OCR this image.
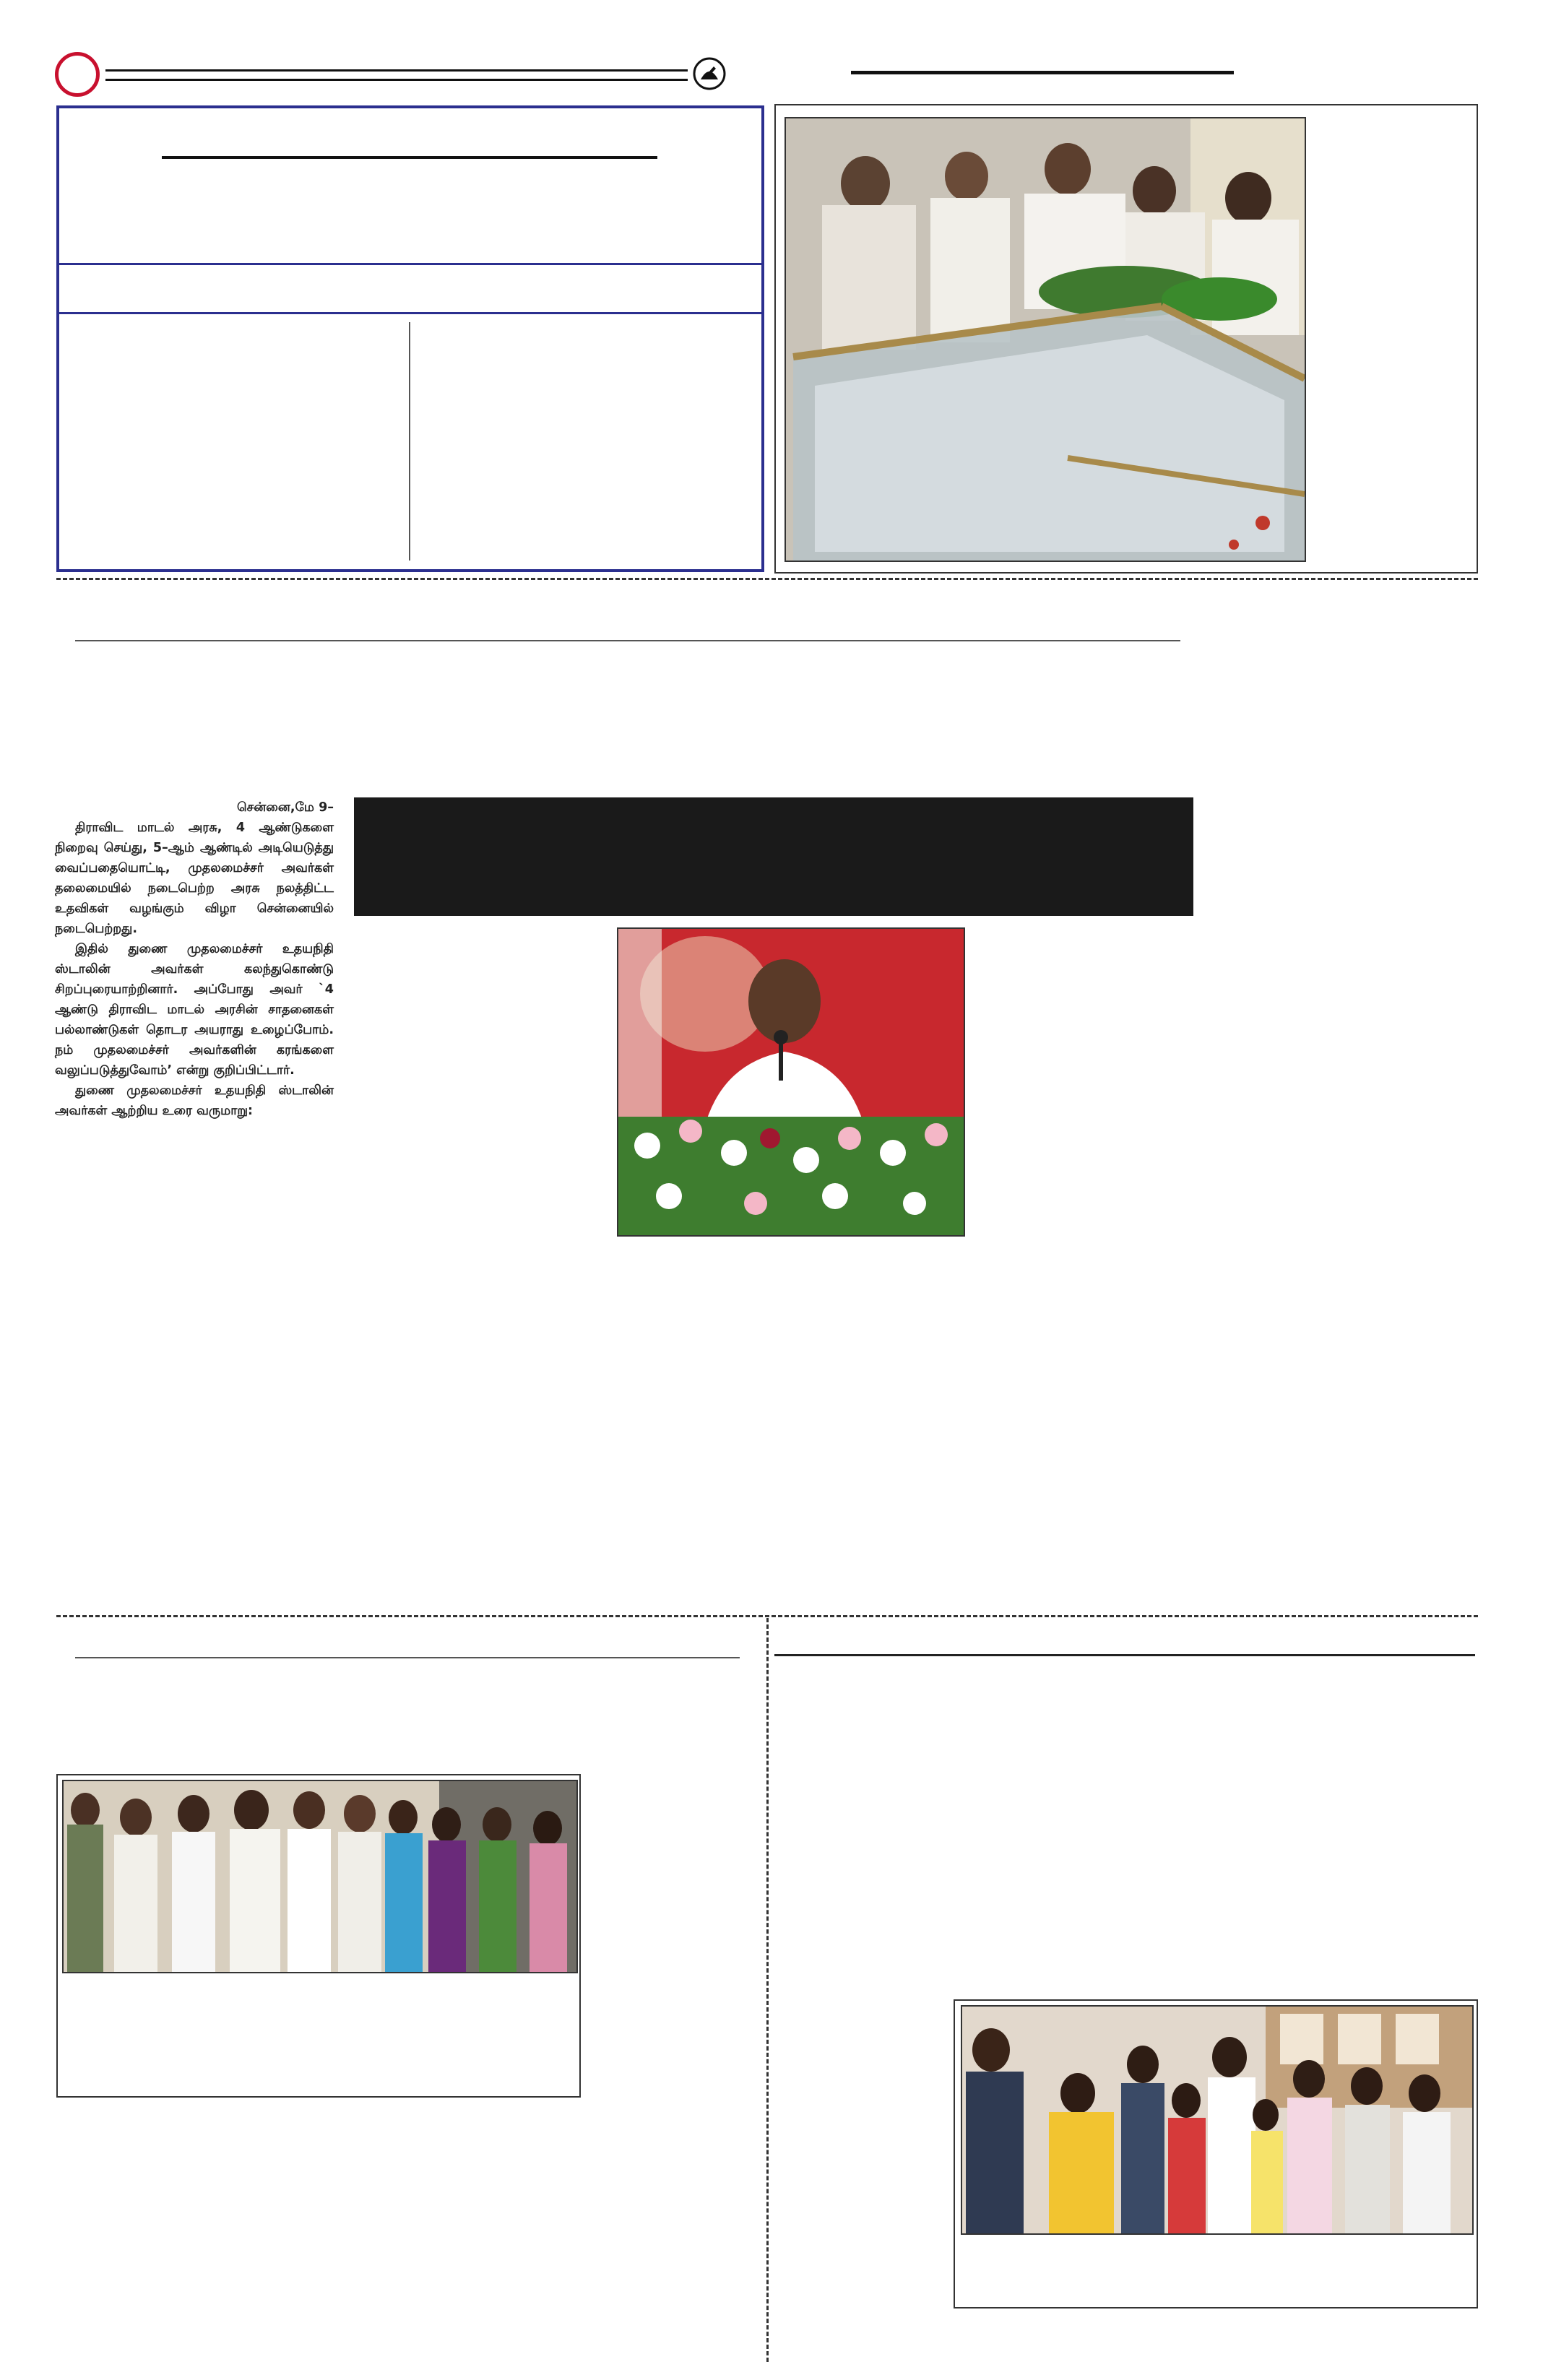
சென்னை,மே 9–

திராவிட மாடல் அரசு, 4 ஆண்டுகளை நிறைவு செய்து, 5–ஆம் ஆண்டில் அடியெடுத்து வைப்பதையொட்டி, முதலமைச்சர் அவர்கள் தலைமையில் நடைபெற்ற அரசு நலத்திட்ட உதவிகள் வழங்கும் விழா சென்னையில் நடைபெற்றது.

இதில் துணை முதலமைச்சர் உதயநிதி ஸ்டாலின் அவர்கள் கலந்துகொண்டு சிறப்புரையாற்றினார். அப்போது அவர் `4 ஆண்டு திராவிட மாடல் அரசின் சாதனைகள் பல்லாண்டுகள் தொடர அயராது உழைப்போம். நம் முதலமைச்சர் அவர்களின் கரங்களை வலுப்படுத்துவோம்’ என்று குறிப்பிட்டார்.

துணை முதலமைச்சர் உதயநிதி ஸ்டாலின் அவர்கள் ஆற்றிய உரை வருமாறு:
